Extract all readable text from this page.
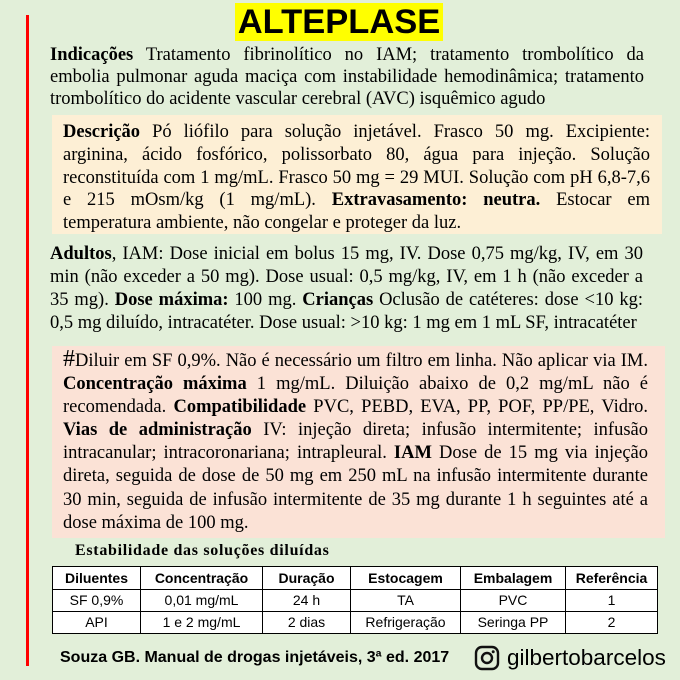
ALTEPLASE
Indicações Tratamento fibrinolítico no IAM; tratamento trombolítico da embolia pulmonar aguda maciça com instabilidade hemodinâmica; tratamento trombolítico do acidente vascular cerebral (AVC) isquêmico agudo
Descrição Pó liófilo para solução injetável. Frasco 50 mg. Excipiente: arginina, ácido fosfórico, polissorbato 80, água para injeção. Solução reconstituída com 1 mg/mL. Frasco 50 mg = 29 MUI. Solução com pH 6,8-7,6 e 215 mOsm/kg (1 mg/mL). Extravasamento: neutra. Estocar em temperatura ambiente, não congelar e proteger da luz.
Adultos, IAM: Dose inicial em bolus 15 mg, IV. Dose 0,75 mg/kg, IV, em 30 min (não exceder a 50 mg). Dose usual: 0,5 mg/kg, IV, em 1 h (não exceder a 35 mg). Dose máxima: 100 mg. Crianças Oclusão de catéteres: dose <10 kg: 0,5 mg diluído, intracatéter. Dose usual: >10 kg: 1 mg em 1 mL SF, intracatéter
#Diluir em SF 0,9%. Não é necessário um filtro em linha. Não aplicar via IM. Concentração máxima 1 mg/mL. Diluição abaixo de 0,2 mg/mL não é recomendada. Compatibilidade PVC, PEBD, EVA, PP, POF, PP/PE, Vidro. Vias de administração IV: injeção direta; infusão intermitente; infusão intracanular; intracoronariana; intrapleural. IAM Dose de 15 mg via injeção direta, seguida de dose de 50 mg em 250 mL na infusão intermitente durante 30 min, seguida de infusão intermitente de 35 mg durante 1 h seguintes até a dose máxima de 100 mg.
Estabilidade das soluções diluídas
Diluentes	Concentração	Duração	Estocagem	Embalagem	Referência
SF 0,9%	0,01 mg/mL	24 h	TA	PVC	1
API	1 e 2 mg/mL	2 dias	Refrigeração	Seringa PP	2
Souza GB. Manual de drogas injetáveis, 3ª ed. 2017	gilbertobarcelos
